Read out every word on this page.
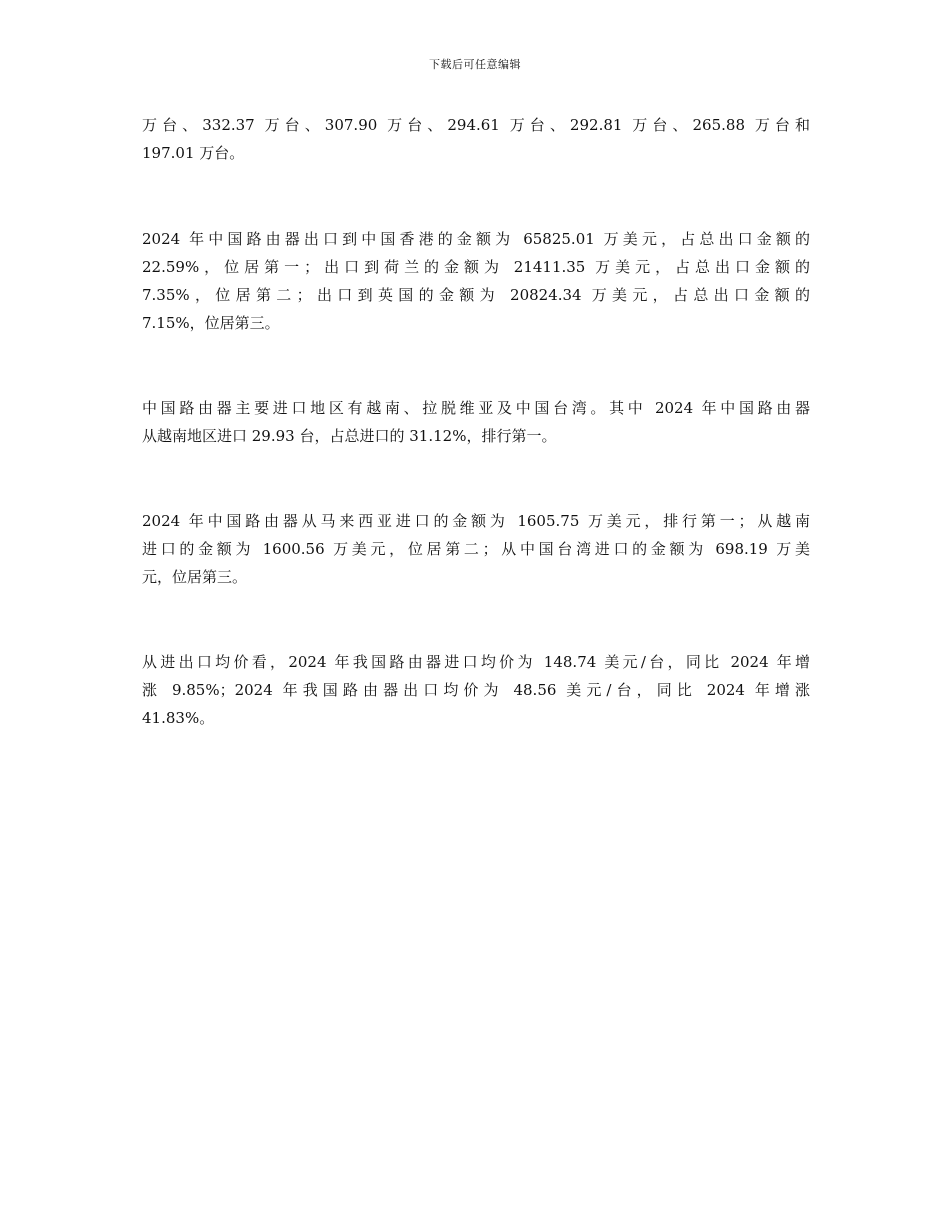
下载后可任意编辑

万台、332.37 万台、307.90 万台、294.61 万台、292.81 万台、265.88 万台和
197.01 万台。

2024 年中国路由器出口到中国香港的金额为 65825.01 万美元，占总出口金额的
22.59%，位居第一；出口到荷兰的金额为 21411.35 万美元，占总出口金额的
7.35%，位居第二；出口到英国的金额为 20824.34 万美元，占总出口金额的
7.15%，位居第三。

中国路由器主要进口地区有越南、拉脱维亚及中国台湾。其中 2024 年中国路由器
从越南地区进口 29.93 台，占总进口的 31.12%，排行第一。

2024 年中国路由器从马来西亚进口的金额为 1605.75 万美元，排行第一；从越南
进口的金额为 1600.56 万美元，位居第二；从中国台湾进口的金额为 698.19 万美
元，位居第三。

从进出口均价看，2024 年我国路由器进口均价为 148.74 美元/台，同比 2024 年增
涨 9.85%；2024 年我国路由器出口均价为 48.56 美元/台，同比 2024 年增涨
41.83%。
